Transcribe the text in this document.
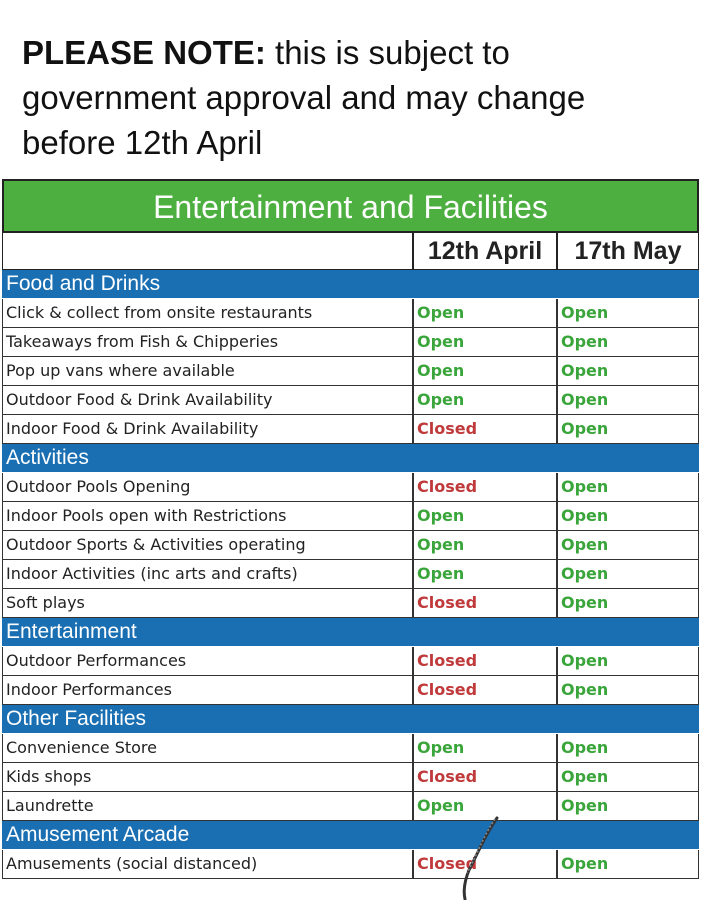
PLEASE NOTE: this is subject to government approval and may change before 12th April
Entertainment and Facilities
12th April	17th May
Food and Drinks
Click & collect from onsite restaurants	Open	Open
Takeaways from Fish & Chipperies	Open	Open
Pop up vans where available	Open	Open
Outdoor Food & Drink Availability	Open	Open
Indoor Food & Drink Availability	Closed	Open
Activities
Outdoor Pools Opening	Closed	Open
Indoor Pools open with Restrictions	Open	Open
Outdoor Sports & Activities operating	Open	Open
Indoor Activities (inc arts and crafts)	Open	Open
Soft plays	Closed	Open
Entertainment
Outdoor Performances	Closed	Open
Indoor Performances	Closed	Open
Other Facilities
Convenience Store	Open	Open
Kids shops	Closed	Open
Laundrette	Open	Open
Amusement Arcade
Amusements (social distanced)	Closed	Open
